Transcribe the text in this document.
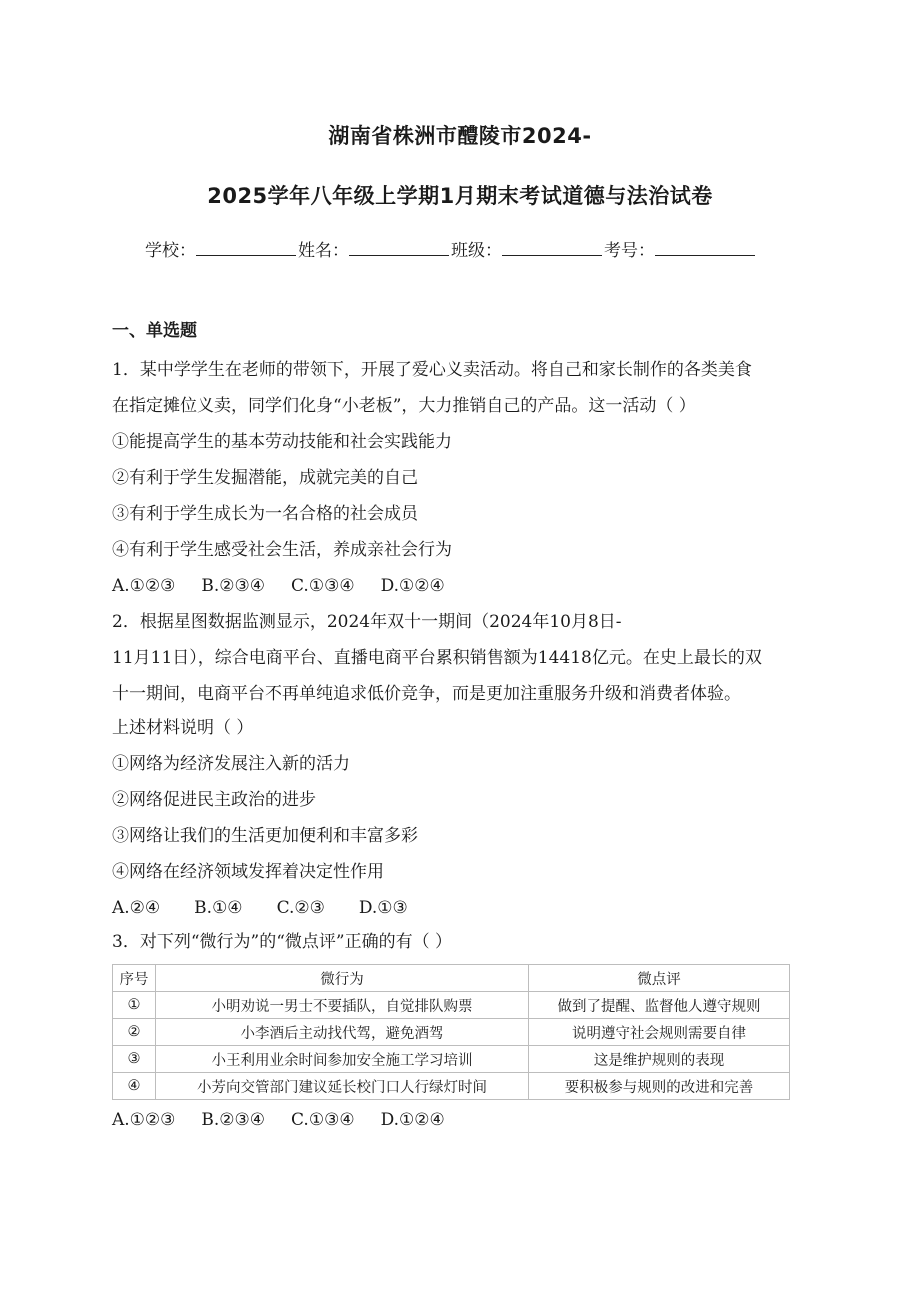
湖南省株洲市醴陵市2024-
2025学年八年级上学期1月期末考试道德与法治试卷
学校：	姓名：	班级：	考号：
一、单选题
1．某中学学生在老师的带领下，开展了爱心义卖活动。将自己和家长制作的各类美食
在指定摊位义卖，同学们化身“小老板”，大力推销自己的产品。这一活动（ ）
①能提高学生的基本劳动技能和社会实践能力
②有利于学生发掘潜能，成就完美的自己
③有利于学生成长为一名合格的社会成员
④有利于学生感受社会生活，养成亲社会行为
A.①②③ B.②③④ C.①③④ D.①②④
2．根据星图数据监测显示，2024年双十一期间（2024年10月8日-
11月11日），综合电商平台、直播电商平台累积销售额为14418亿元。在史上最长的双
十一期间，电商平台不再单纯追求低价竞争，而是更加注重服务升级和消费者体验。
上述材料说明（ ）
①网络为经济发展注入新的活力
②网络促进民主政治的进步
③网络让我们的生活更加便利和丰富多彩
④网络在经济领域发挥着决定性作用
A.②④ B.①④ C.②③ D.①③
3．对下列“微行为”的“微点评”正确的有（ ）
序号	微行为	微点评
①	小明劝说一男士不要插队，自觉排队购票	做到了提醒、监督他人遵守规则
②	小李酒后主动找代驾，避免酒驾	说明遵守社会规则需要自律
③	小王利用业余时间参加安全施工学习培训	这是维护规则的表现
④	小芳向交管部门建议延长校门口人行绿灯时间	要积极参与规则的改进和完善
A.①②③ B.②③④ C.①③④ D.①②④
